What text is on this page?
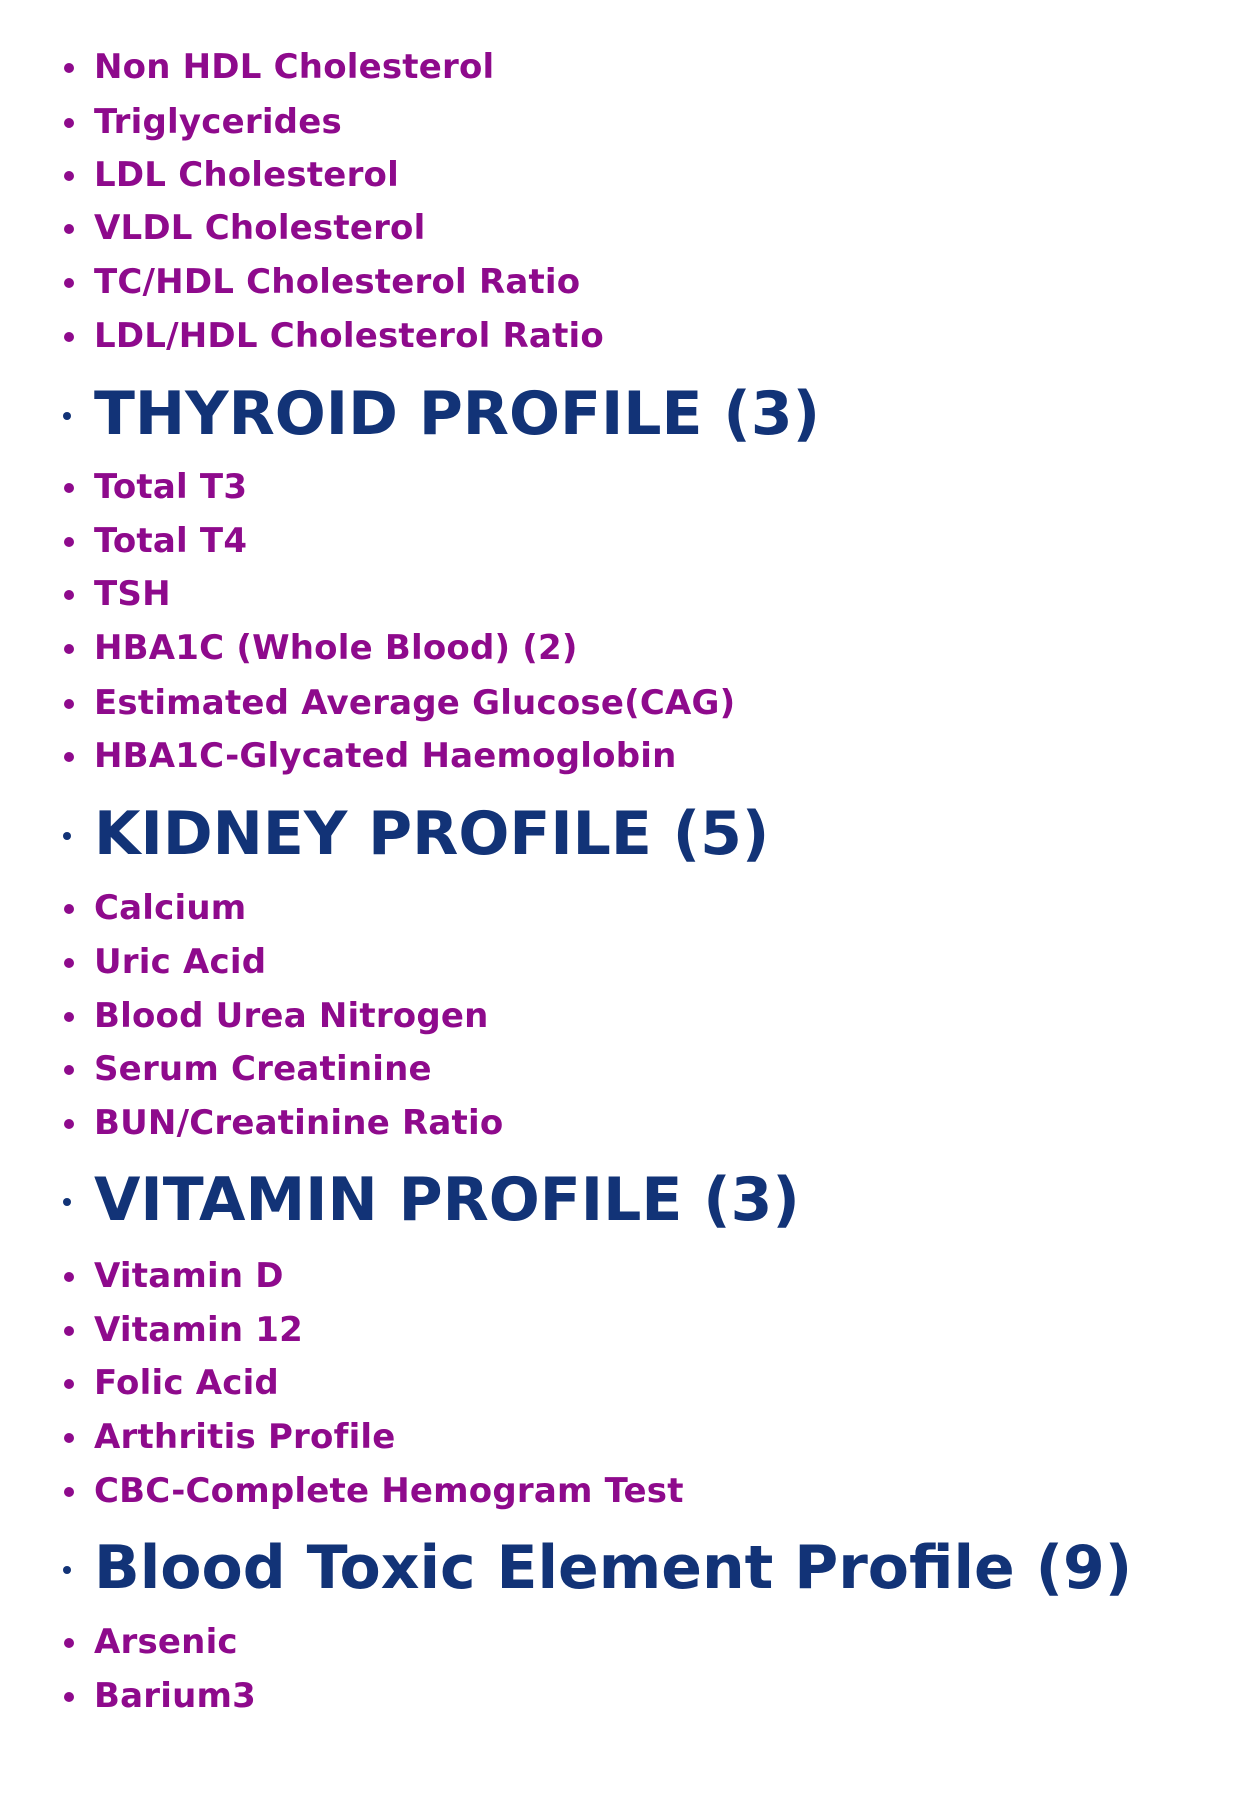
Non HDL Cholesterol
Triglycerides
LDL Cholesterol
VLDL Cholesterol
TC/HDL Cholesterol Ratio
LDL/HDL Cholesterol Ratio
THYROID PROFILE (3)
Total T3
Total T4
TSH
HBA1C (Whole Blood) (2)
Estimated Average Glucose(CAG)
HBA1C-Glycated Haemoglobin
KIDNEY PROFILE (5)
Calcium
Uric Acid
Blood Urea Nitrogen
Serum Creatinine
BUN/Creatinine Ratio
VITAMIN PROFILE (3)
Vitamin D
Vitamin 12
Folic Acid
Arthritis Profile
CBC-Complete Hemogram Test
Blood Toxic Element Profile (9)
Arsenic
Barium3
